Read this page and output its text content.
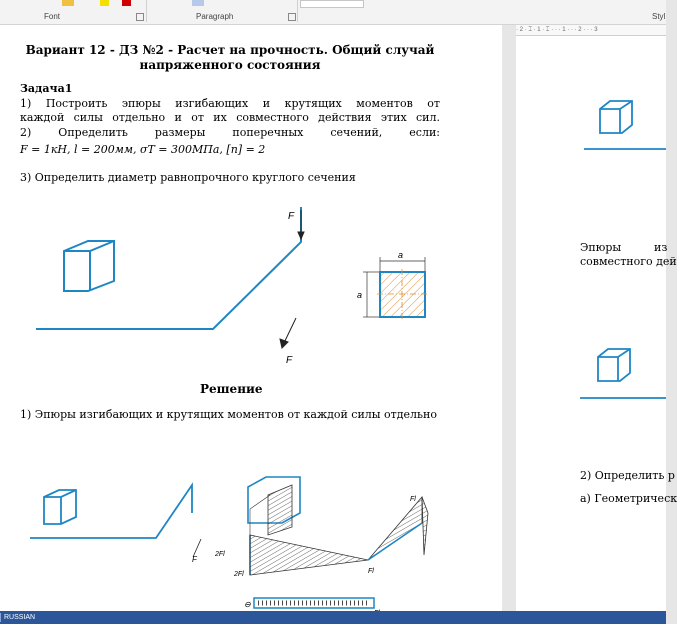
Font	Paragraph	Styl
· 2 · ⌶ · 1 · ⌶ · · · 1 · · · 2 · · · 3
Вариант 12 - ДЗ №2 - Расчет на прочность. Общий случай напряженного состояния
Задача1
1) Построить эпюры изгибающих и крутящих моментов от
каждой силы отдельно и от их совместного действия этих сил.
2) Определить размеры поперечных сечений, если:
F = 1кН, l = 200мм, σT = 300МПа, [n] = 2
3) Определить диаметр равнопрочного круглого сечения
F
F
a
a
Решение
1) Эпюры изгибающих и крутящих моментов от каждой силы отдельно
F
Fl
Fl
2Fl
2Fl
⊖
Эпюры	из
совместного дей
2) Определить р
а) Геометрическ
RUSSIAN
